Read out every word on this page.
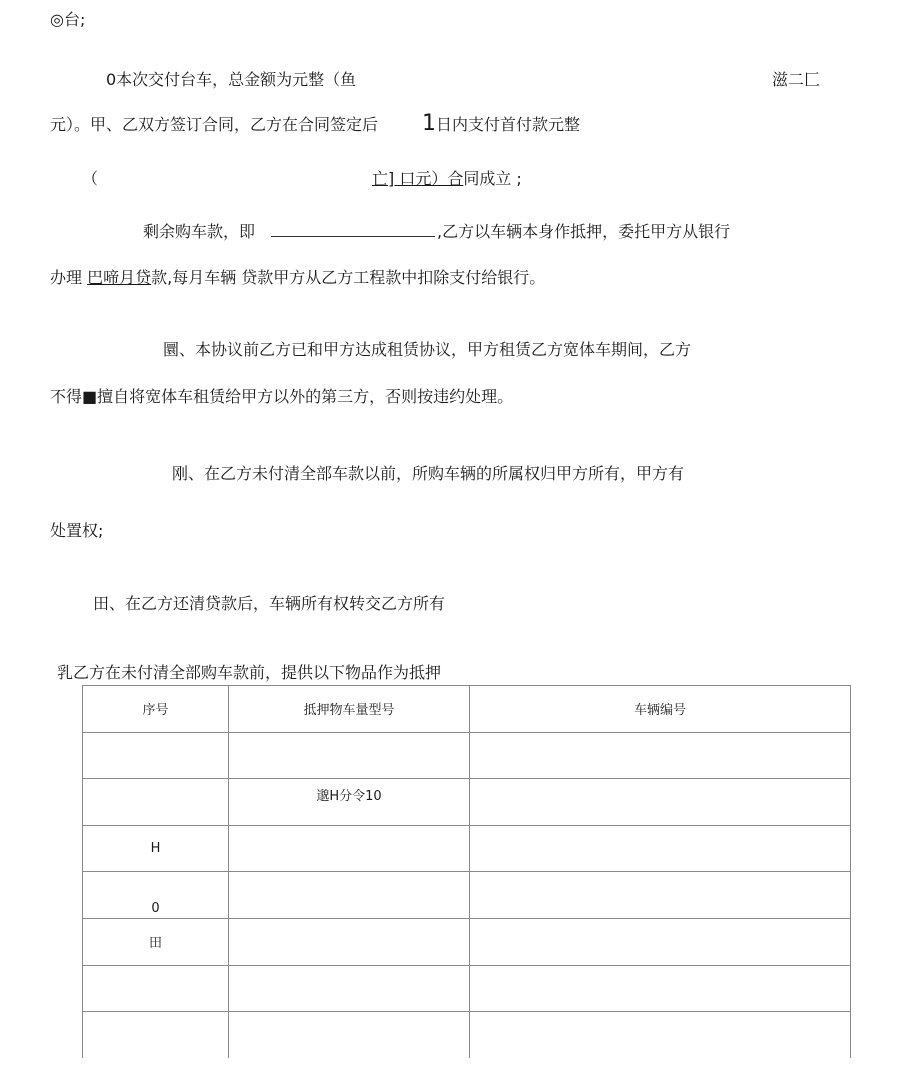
◎台;
0本次交付台车，总金额为元整（鱼	滋二匚
元）。甲、乙双方签订合同，乙方在合同签定后 1日内支付首付款元整
（	亡] 口元）合同成立 ;
剩余购车款，即	,乙方以车辆本身作抵押，委托甲方从银行
办理 巴啼月贷款,每月车辆 贷款甲方从乙方工程款中扣除支付给银行。
圜、本协议前乙方已和甲方达成租赁协议，甲方租赁乙方宽体车期间，乙方
不得■擅自将宽体车租赁给甲方以外的第三方，否则按违约处理。
刚、在乙方未付清全部车款以前，所购车辆的所属权归甲方所有，甲方有
处置权;
田、在乙方还清贷款后，车辆所有权转交乙方所有
乳乙方在未付清全部购车款前，提供以下物品作为抵押
序号	抵押物车量型号	车辆编号

	邈H分令10	
H		
0		
田		
